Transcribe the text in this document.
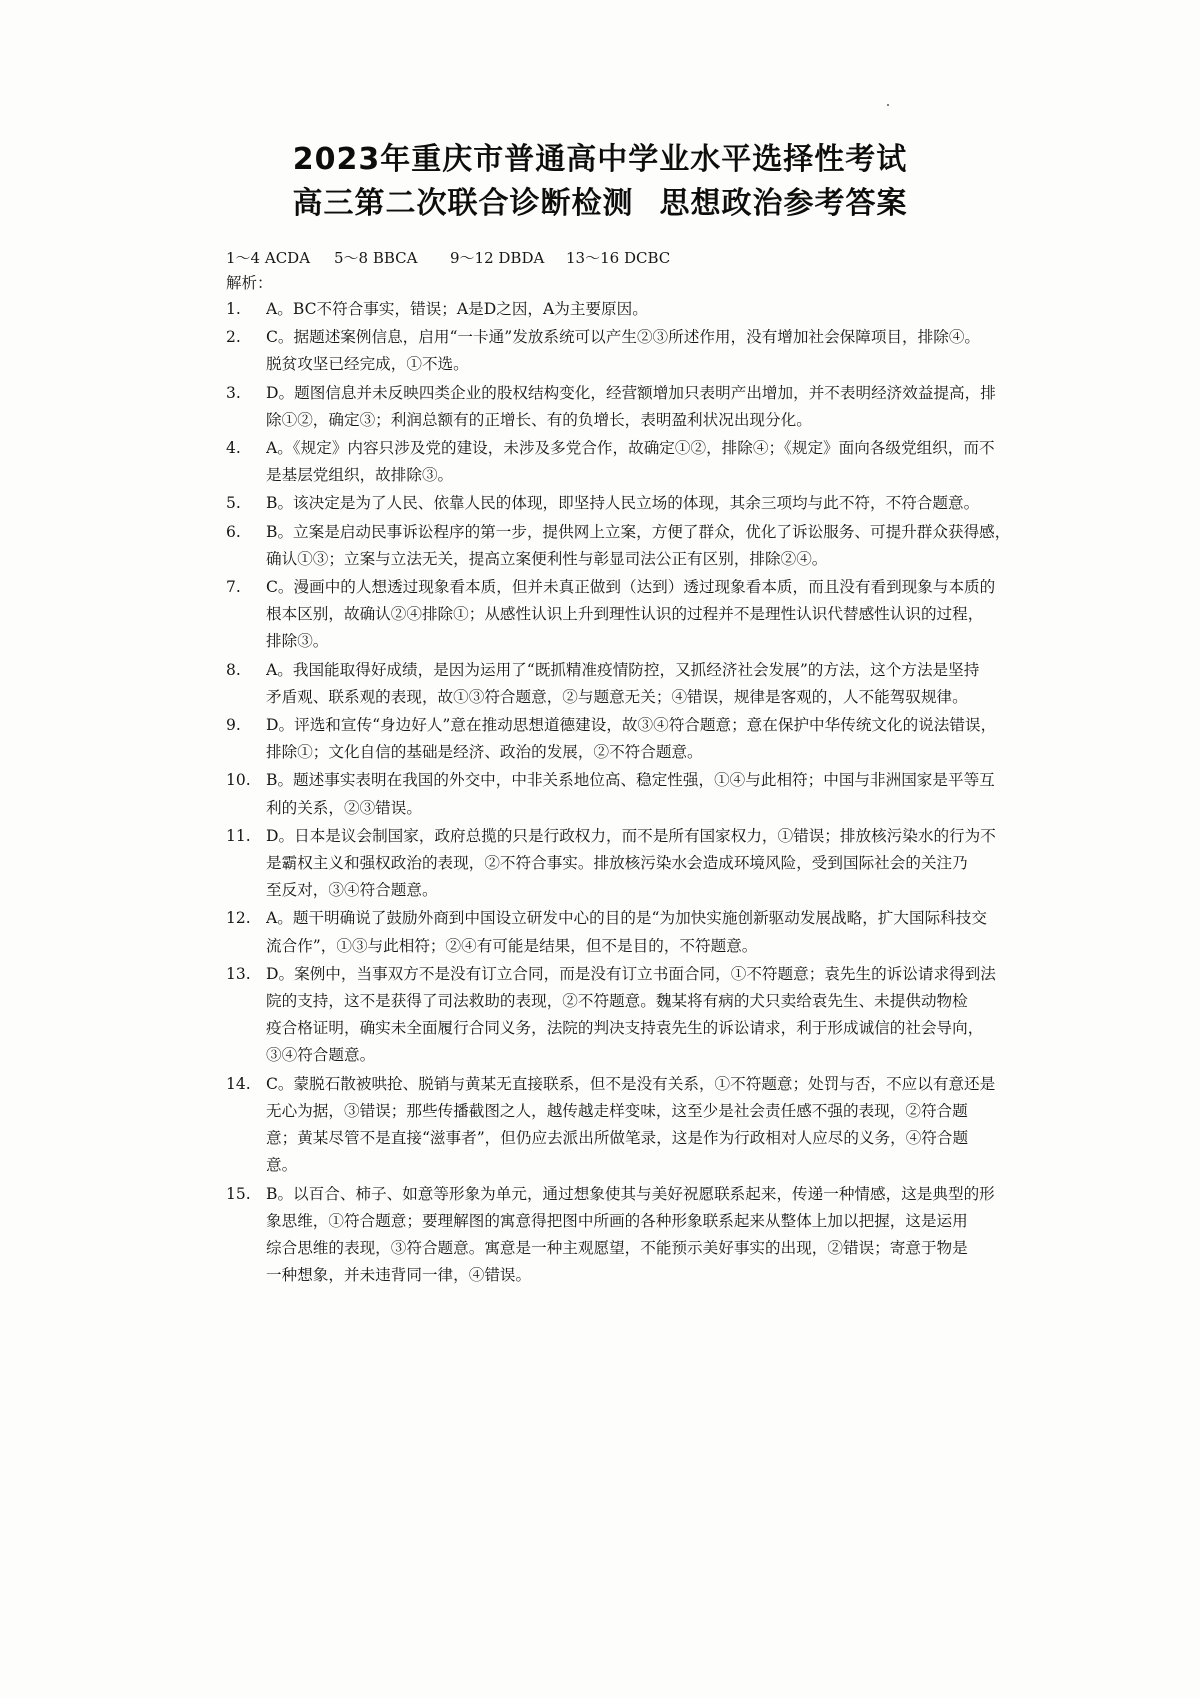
2023年重庆市普通高中学业水平选择性考试
高三第二次联合诊断检测 思想政治参考答案
1～4 ACDA 5～8 BBCA 9～12 DBDA 13～16 DCBC
解析：
1.	A。BC不符合事实，错误；A是D之因，A为主要原因。
2.	C。据题述案例信息，启用“一卡通”发放系统可以产生②③所述作用，没有增加社会保障项目，排除④。
脱贫攻坚已经完成，①不选。
3.	D。题图信息并未反映四类企业的股权结构变化，经营额增加只表明产出增加，并不表明经济效益提高，排
除①②，确定③；利润总额有的正增长、有的负增长，表明盈利状况出现分化。
4.	A。《规定》内容只涉及党的建设，未涉及多党合作，故确定①②，排除④；《规定》面向各级党组织，而不
是基层党组织，故排除③。
5.	B。该决定是为了人民、依靠人民的体现，即坚持人民立场的体现，其余三项均与此不符，不符合题意。
6.	B。立案是启动民事诉讼程序的第一步，提供网上立案，方便了群众，优化了诉讼服务、可提升群众获得感，
确认①③；立案与立法无关，提高立案便利性与彰显司法公正有区别，排除②④。
7.	C。漫画中的人想透过现象看本质，但并未真正做到（达到）透过现象看本质，而且没有看到现象与本质的
根本区别，故确认②④排除①；从感性认识上升到理性认识的过程并不是理性认识代替感性认识的过程，
排除③。
8.	A。我国能取得好成绩，是因为运用了“既抓精准疫情防控，又抓经济社会发展”的方法，这个方法是坚持
矛盾观、联系观的表现，故①③符合题意，②与题意无关；④错误，规律是客观的，人不能驾驭规律。
9.	D。评选和宣传“身边好人”意在推动思想道德建设，故③④符合题意；意在保护中华传统文化的说法错误，
排除①；文化自信的基础是经济、政治的发展，②不符合题意。
10. B。题述事实表明在我国的外交中，中非关系地位高、稳定性强，①④与此相符；中国与非洲国家是平等互
利的关系，②③错误。
11. D。日本是议会制国家，政府总揽的只是行政权力，而不是所有国家权力，①错误；排放核污染水的行为不
是霸权主义和强权政治的表现，②不符合事实。排放核污染水会造成环境风险，受到国际社会的关注乃
至反对，③④符合题意。
12. A。题干明确说了鼓励外商到中国设立研发中心的目的是“为加快实施创新驱动发展战略，扩大国际科技交
流合作”，①③与此相符；②④有可能是结果，但不是目的，不符题意。
13. D。案例中，当事双方不是没有订立合同，而是没有订立书面合同，①不符题意；袁先生的诉讼请求得到法
院的支持，这不是获得了司法救助的表现，②不符题意。魏某将有病的犬只卖给袁先生、未提供动物检
疫合格证明，确实未全面履行合同义务，法院的判决支持袁先生的诉讼请求，利于形成诚信的社会导向，
③④符合题意。
14. C。蒙脱石散被哄抢、脱销与黄某无直接联系，但不是没有关系，①不符题意；处罚与否，不应以有意还是
无心为据，③错误；那些传播截图之人，越传越走样变味，这至少是社会责任感不强的表现，②符合题
意；黄某尽管不是直接“滋事者”，但仍应去派出所做笔录，这是作为行政相对人应尽的义务，④符合题
意。
15. B。以百合、柿子、如意等形象为单元，通过想象使其与美好祝愿联系起来，传递一种情感，这是典型的形
象思维，①符合题意；要理解图的寓意得把图中所画的各种形象联系起来从整体上加以把握，这是运用
综合思维的表现，③符合题意。寓意是一种主观愿望，不能预示美好事实的出现，②错误；寄意于物是
一种想象，并未违背同一律，④错误。
